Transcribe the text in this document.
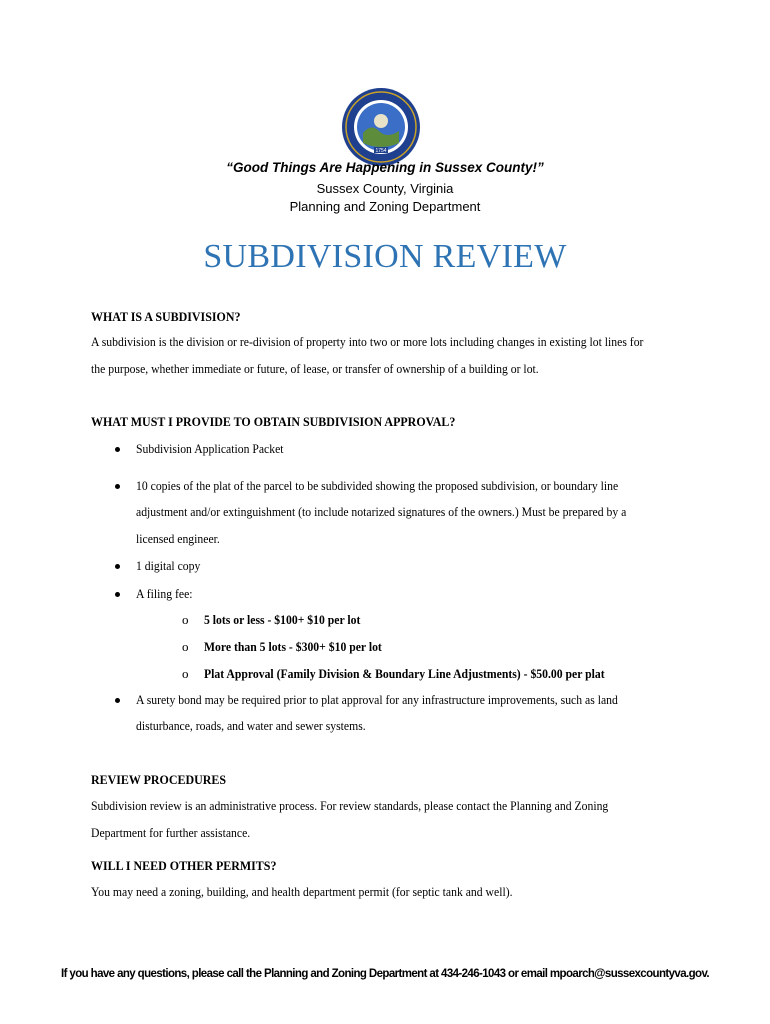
1754
“Good Things Are Happening in Sussex County!”
Sussex County, Virginia
Planning and Zoning Department
SUBDIVISION REVIEW
WHAT IS A SUBDIVISION?
A subdivision is the division or re-division of property into two or more lots including changes in existing lot lines for
the purpose, whether immediate or future, of lease, or transfer of ownership of a building or lot.
WHAT MUST I PROVIDE TO OBTAIN SUBDIVISION APPROVAL?
Subdivision Application Packet
10 copies of the plat of the parcel to be subdivided showing the proposed subdivision, or boundary line
adjustment and/or extinguishment (to include notarized signatures of the owners.) Must be prepared by a
licensed engineer.
1 digital copy
A filing fee:
o 5 lots or less - $100+ $10 per lot
o More than 5 lots - $300+ $10 per lot
o Plat Approval (Family Division & Boundary Line Adjustments) - $50.00 per plat
A surety bond may be required prior to plat approval for any infrastructure improvements, such as land
disturbance, roads, and water and sewer systems.
REVIEW PROCEDURES
Subdivision review is an administrative process. For review standards, please contact the Planning and Zoning
Department for further assistance.
WILL I NEED OTHER PERMITS?
You may need a zoning, building, and health department permit (for septic tank and well).
If you have any questions, please call the Planning and Zoning Department at 434-246-1043 or email mpoarch@sussexcountyva.gov.
